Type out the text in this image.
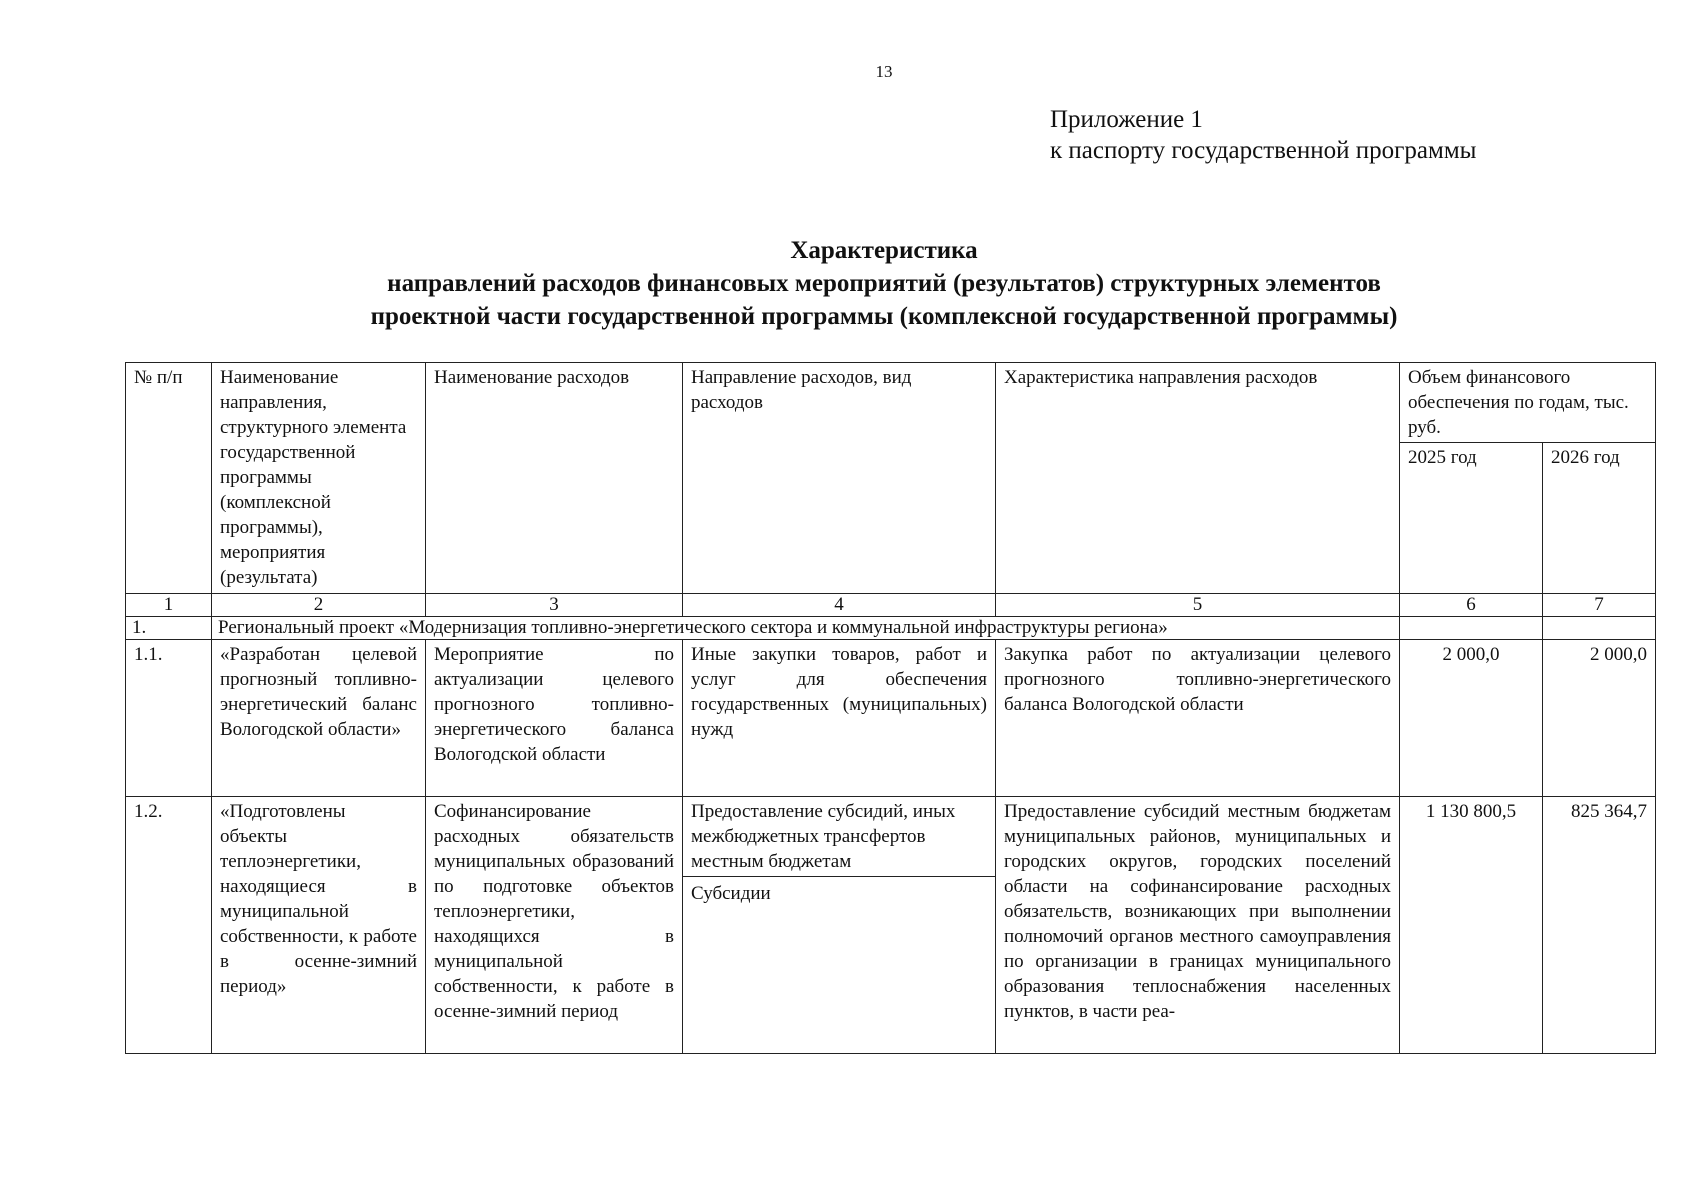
13
Приложение 1
к паспорту государственной программы
Характеристика
направлений расходов финансовых мероприятий (результатов) структурных элементов
проектной части государственной программы (комплексной государственной программы)
№ п/п	Наименование направления, структурного элемента государственной программы (комплексной программы), мероприятия (результата)	Наименование расходов	Направление расходов, вид расходов	Характеристика направления расходов	Объем финансового обеспечения по годам, тыс. руб.	
					2025 год	2026 год
1	2	3	4	5	6	7
1.	Региональный проект «Модернизация топливно-энергетического сектора и коммунальной инфраструктуры региона»					
1.1.	«Разработан целевой прогнозный топливно-энергетический баланс Вологодской области»	Мероприятие по актуализации целевого прогнозного топливно-энергетического баланса Вологодской области	Иные закупки товаров, работ и услуг для обеспечения государственных (муниципальных) нужд	Закупка работ по актуализации целевого прогнозного топливно-энергетического баланса Вологодской области	2 000,0	2 000,0
1.2.	«Подготовлены объекты теплоэнергетики, находящиеся в муниципальной собственности, к работе в осенне-зимний период»	Софинансирование расходных обязательств муниципальных образований по подготовке объектов теплоэнергетики, находящихся в муниципальной собственности, к работе в осенне-зимний период	Предоставление субсидий, иных межбюджетных трансфертов местным бюджетам
Субсидии	Предоставление субсидий местным бюджетам муниципальных районов, муниципальных и городских округов, городских поселений области на софинансирование расходных обязательств, возникающих при выполнении полномочий органов местного самоуправления по организации в границах муниципального образования теплоснабжения населенных пунктов, в части реа-	1 130 800,5	825 364,7
